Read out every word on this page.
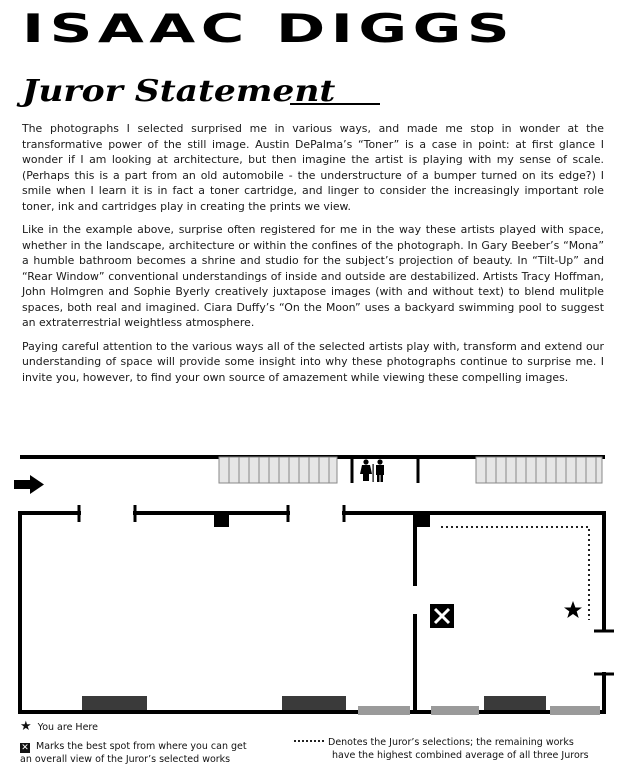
ISAAC DIGGS
Juror Statement

The photographs I selected surprised me in various ways, and made me stop in wonder at the transformative power of the still image. Austin DePalma’s “Toner” is a case in point: at first glance I wonder if I am looking at architecture, but then imagine the artist is playing with my sense of scale. (Perhaps this is a part from an old automobile - the understructure of a bumper turned on its edge?) I smile when I learn it is in fact a toner cartridge, and linger to consider the increasingly important role toner, ink and cartridges play in creating the prints we view.

Like in the example above, surprise often registered for me in the way these artists played with space, whether in the landscape, architecture or within the confines of the photograph. In Gary Beeber’s “Mona” a humble bathroom becomes a shrine and studio for the subject’s projection of beauty. In “Tilt-Up” and “Rear Window” conventional understandings of inside and outside are destabilized. Artists Tracy Hoffman, John Holmgren and Sophie Byerly creatively juxtapose images (with and without text) to blend mulitple spaces, both real and imagined. Ciara Duffy’s “On the Moon” uses a backyard swimming pool to suggest an extraterrestrial weightless atmosphere.

Paying careful attention to the various ways all of the selected artists play with, transform and extend our understanding of space will provide some insight into why these photographs continue to surprise me. I invite you, however, to find your own source of amazement while viewing these compelling images.

★ You are Here
✕ Marks the best spot from where you can get
an overall view of the Juror’s selected works
Denotes the Juror’s selections; the remaining works
have the highest combined average of all three Jurors
